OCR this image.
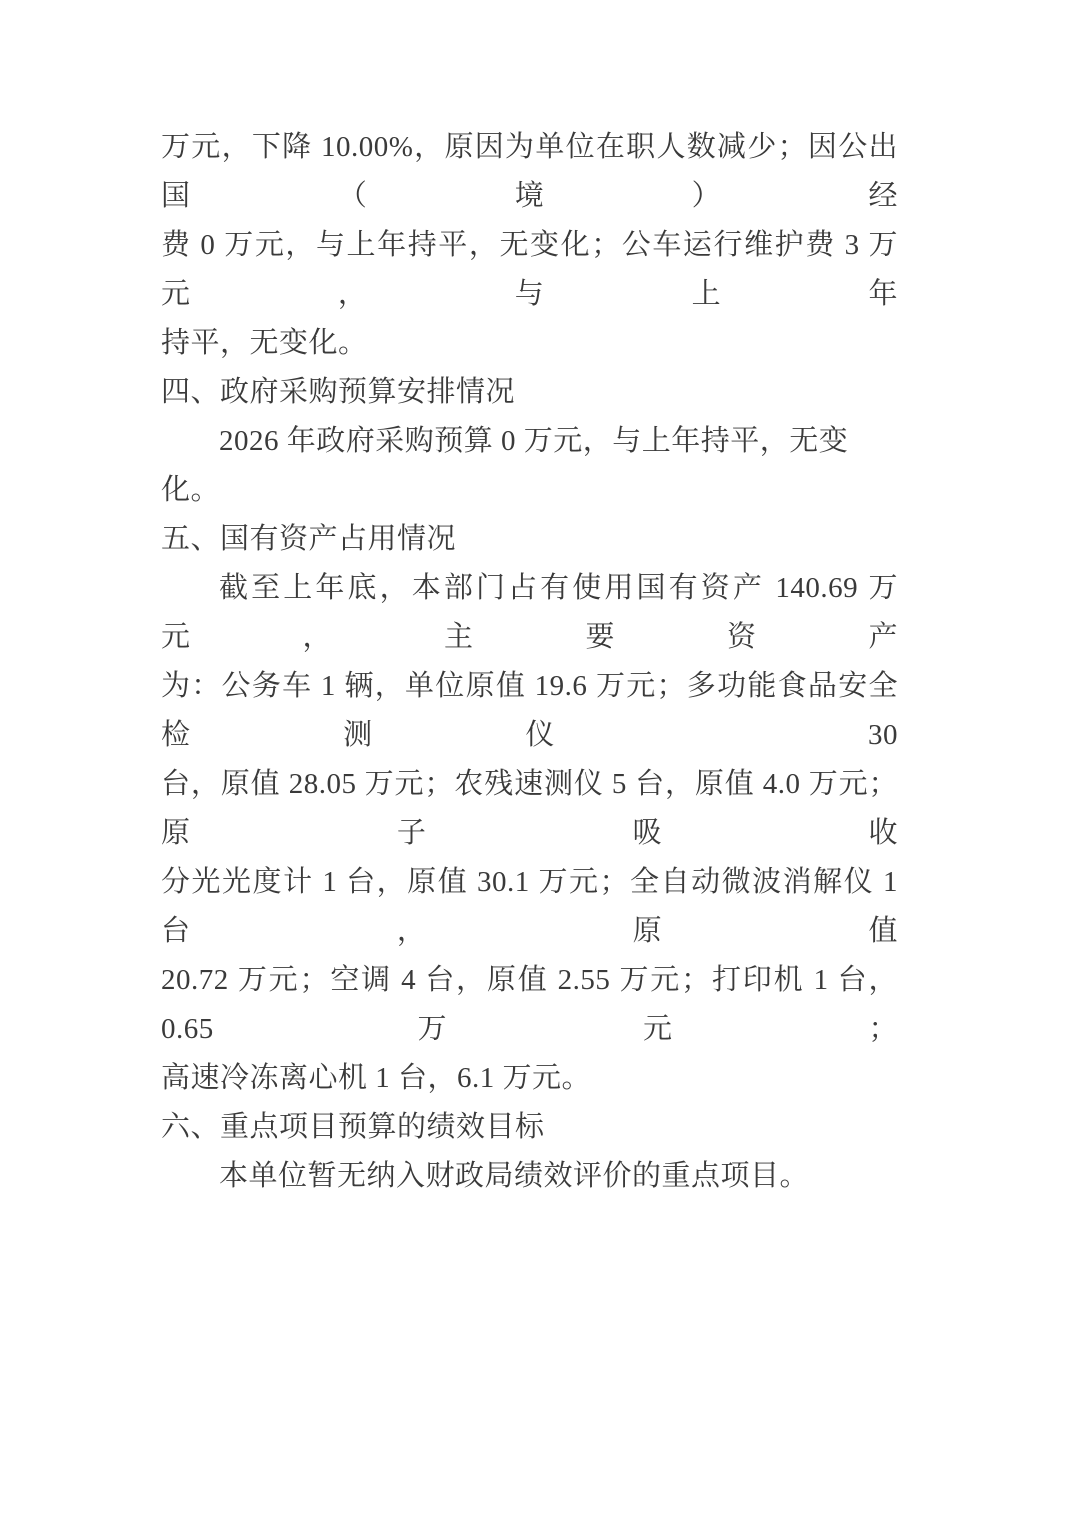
万元，下降 10.00%，原因为单位在职人数减少；因公出国（境）经
费 0 万元，与上年持平，无变化；公车运行维护费 3 万元，与上年
持平，无变化。
四、政府采购预算安排情况
2026 年政府采购预算 0 万元，与上年持平，无变化。
五、国有资产占用情况
截至上年底，本部门占有使用国有资产 140.69 万元，主要资产
为：公务车 1 辆，单位原值 19.6 万元；多功能食品安全检测仪 30
台，原值 28.05 万元；农残速测仪 5 台，原值 4.0 万元；原子吸收
分光光度计 1 台，原值 30.1 万元；全自动微波消解仪 1 台，原值
20.72 万元；空调 4 台，原值 2.55 万元；打印机 1 台，0.65 万元；
高速冷冻离心机 1 台，6.1 万元。
六、重点项目预算的绩效目标
本单位暂无纳入财政局绩效评价的重点项目。
